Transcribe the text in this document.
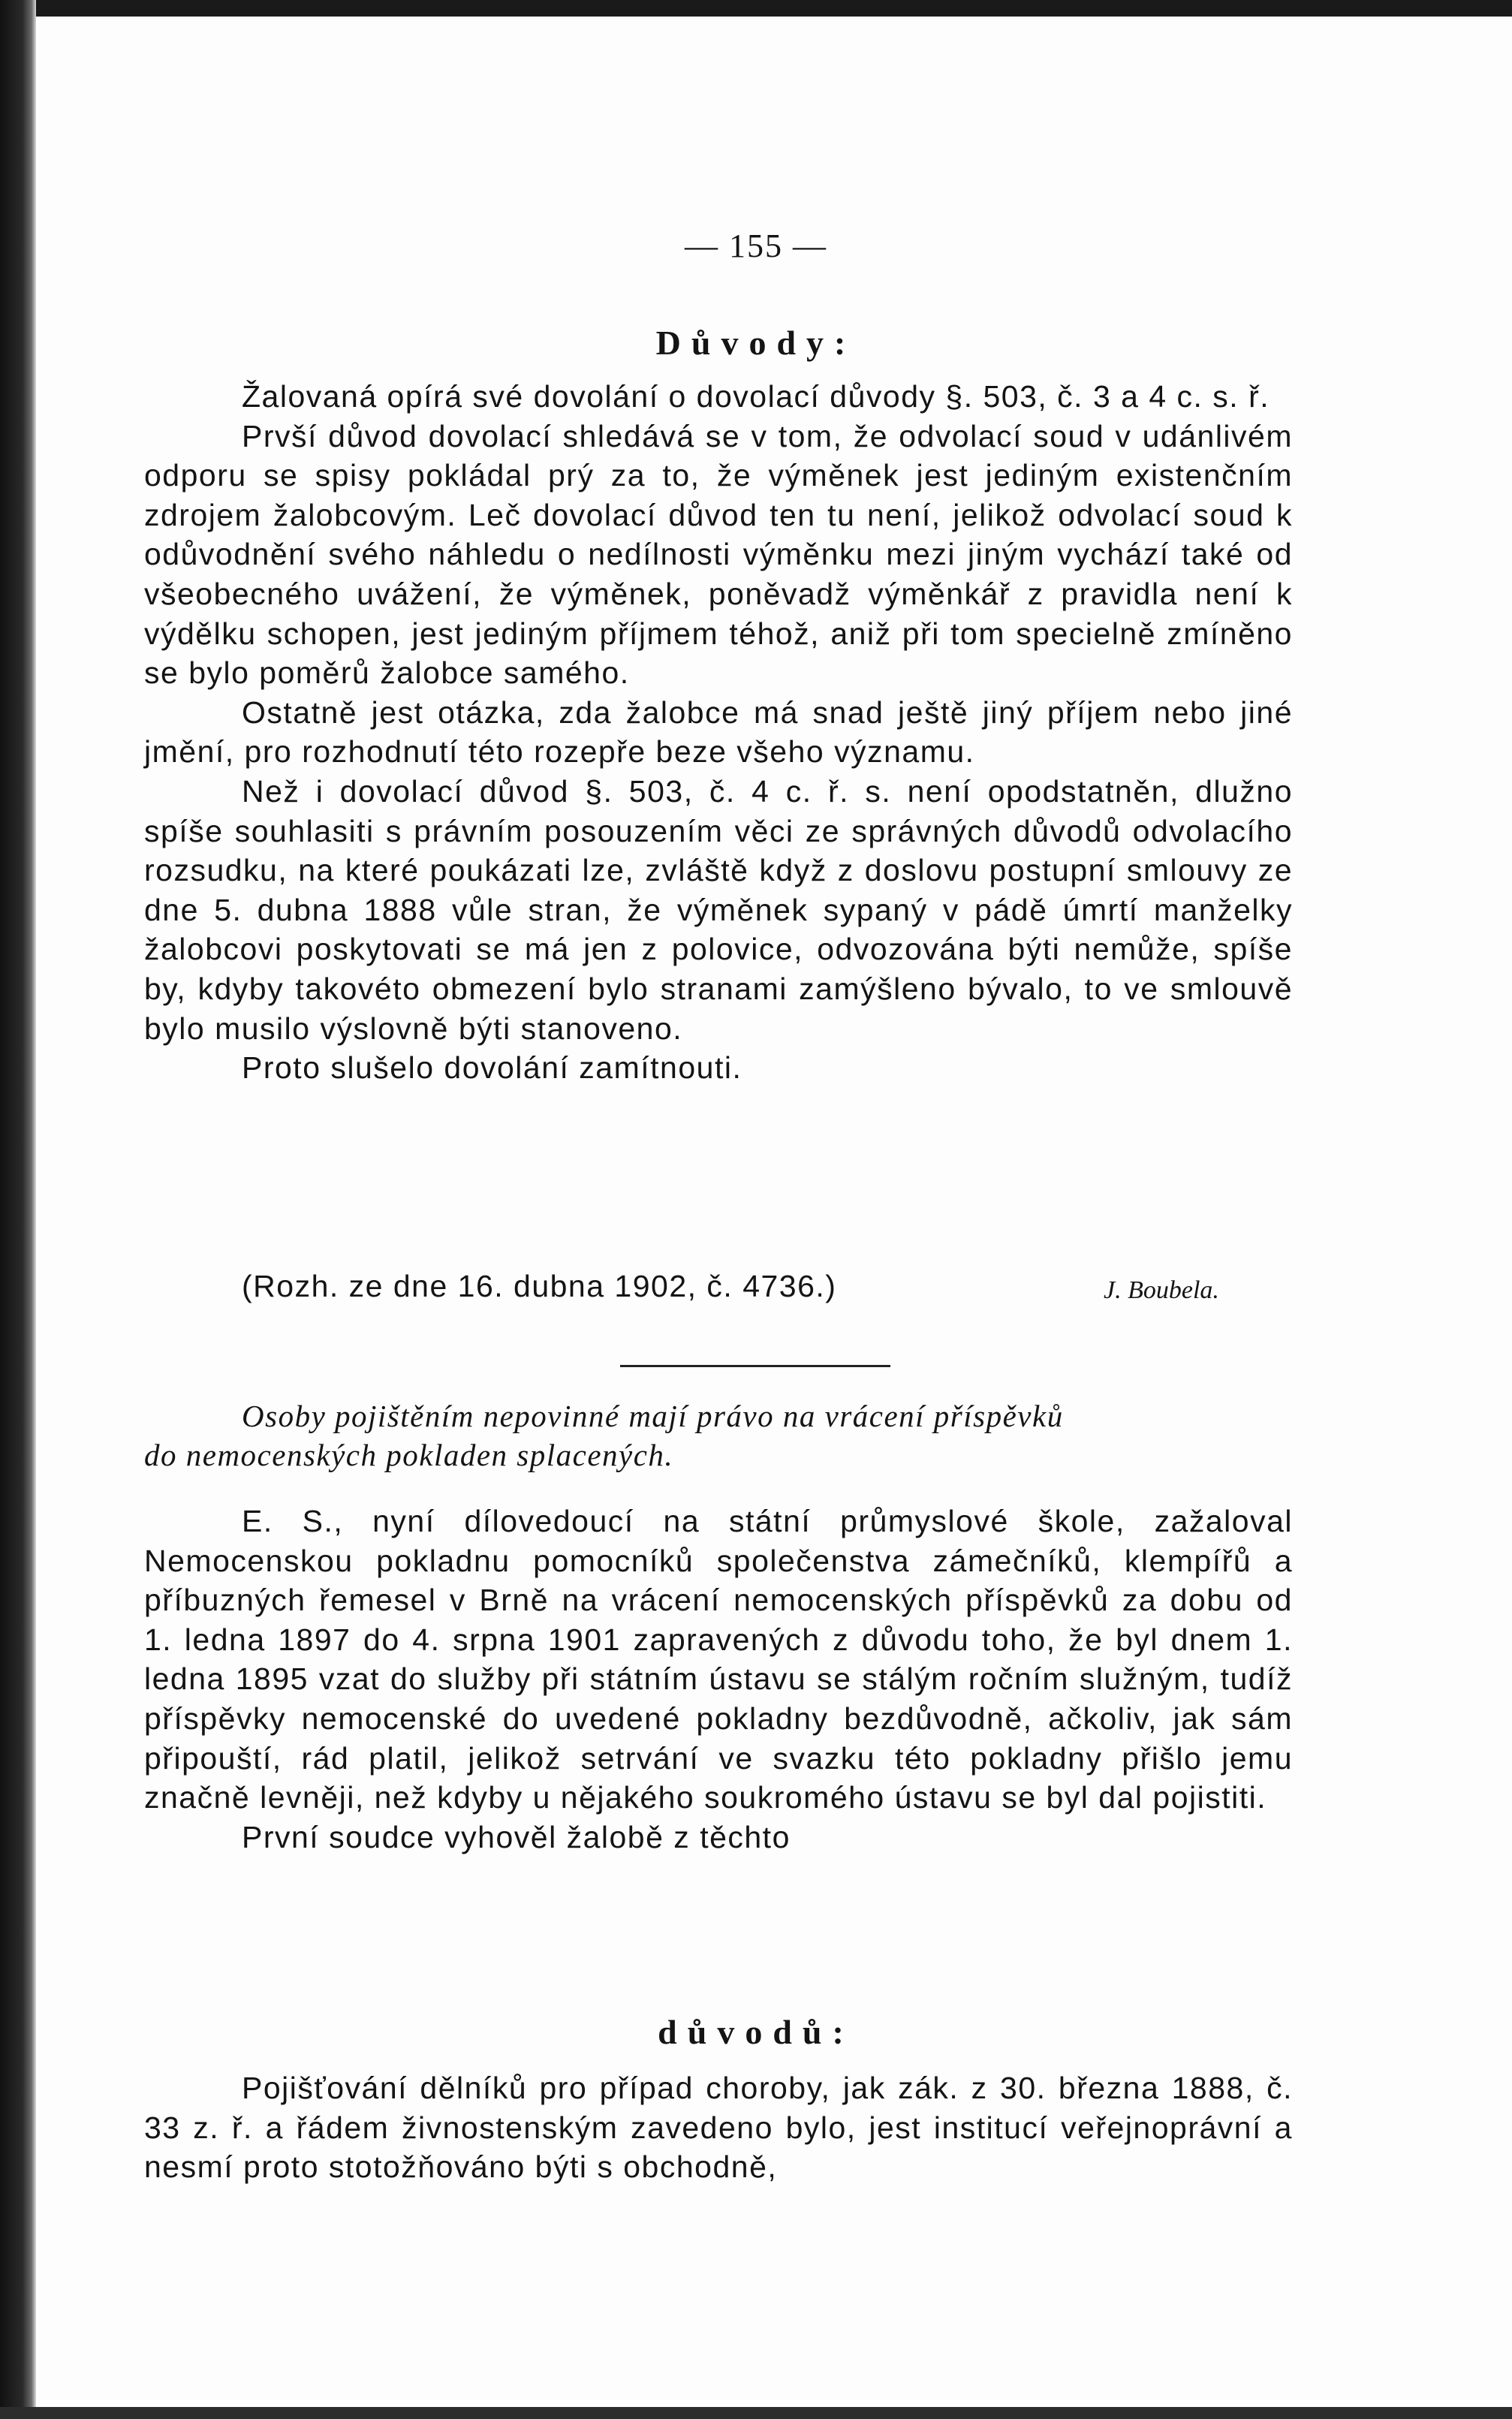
— 155 —
Důvody:

Žalovaná opírá své dovolání o dovolací důvody §. 503, č. 3 a 4 c. s. ř.

Prvší důvod dovolací shledává se v tom, že odvolací soud v udánlivém odporu se spisy pokládal prý za to, že výměnek jest jediným existenčním zdrojem žalobcovým. Leč dovolací důvod ten tu není, jelikož odvolací soud k odůvodnění svého náhledu o nedílnosti výměnku mezi jiným vychází také od všeobecného uvážení, že výměnek, poněvadž výměnkář z pravidla není k výdělku schopen, jest jediným příjmem téhož, aniž při tom specielně zmíněno se bylo poměrů žalobce samého.

Ostatně jest otázka, zda žalobce má snad ještě jiný příjem nebo jiné jmění, pro rozhodnutí této rozepře beze všeho významu.

Než i dovolací důvod §. 503, č. 4 c. ř. s. není opodstatněn, dlužno spíše souhlasiti s právním posouzením věci ze správných důvodů odvolacího rozsudku, na které poukázati lze, zvláště když z doslovu postupní smlouvy ze dne 5. dubna 1888 vůle stran, že výměnek sypaný v pádě úmrtí manželky žalobcovi poskytovati se má jen z polovice, odvozována býti nemůže, spíše by, kdyby takovéto obmezení bylo stranami zamýšleno bývalo, to ve smlouvě bylo musilo výslovně býti stanoveno.

Proto slušelo dovolání zamítnouti.

(Rozh. ze dne 16. dubna 1902, č. 4736.)	J. Boubela.

Osoby pojištěním nepovinné mají právo na vrácení příspěvků

do nemocenských pokladen splacených.

E. S., nyní dílovedoucí na státní průmyslové škole, zažaloval Nemocenskou pokladnu pomocníků společenstva zámečníků, klempířů a příbuzných řemesel v Brně na vrácení nemocenských příspěvků za dobu od 1. ledna 1897 do 4. srpna 1901 zapravených z důvodu toho, že byl dnem 1. ledna 1895 vzat do služby při státním ústavu se stálým ročním služným, tudíž příspěvky nemocenské do uvedené pokladny bezdůvodně, ačkoliv, jak sám připouští, rád platil, jelikož setrvání ve svazku této pokladny přišlo jemu značně levněji, než kdyby u nějakého soukromého ústavu se byl dal pojistiti.

První soudce vyhověl žalobě z těchto

důvodů:

Pojišťování dělníků pro případ choroby, jak zák. z 30. března 1888, č. 33 z. ř. a řádem živnostenským zavedeno bylo, jest institucí veřejnoprávní a nesmí proto stotožňováno býti s obchodně,
